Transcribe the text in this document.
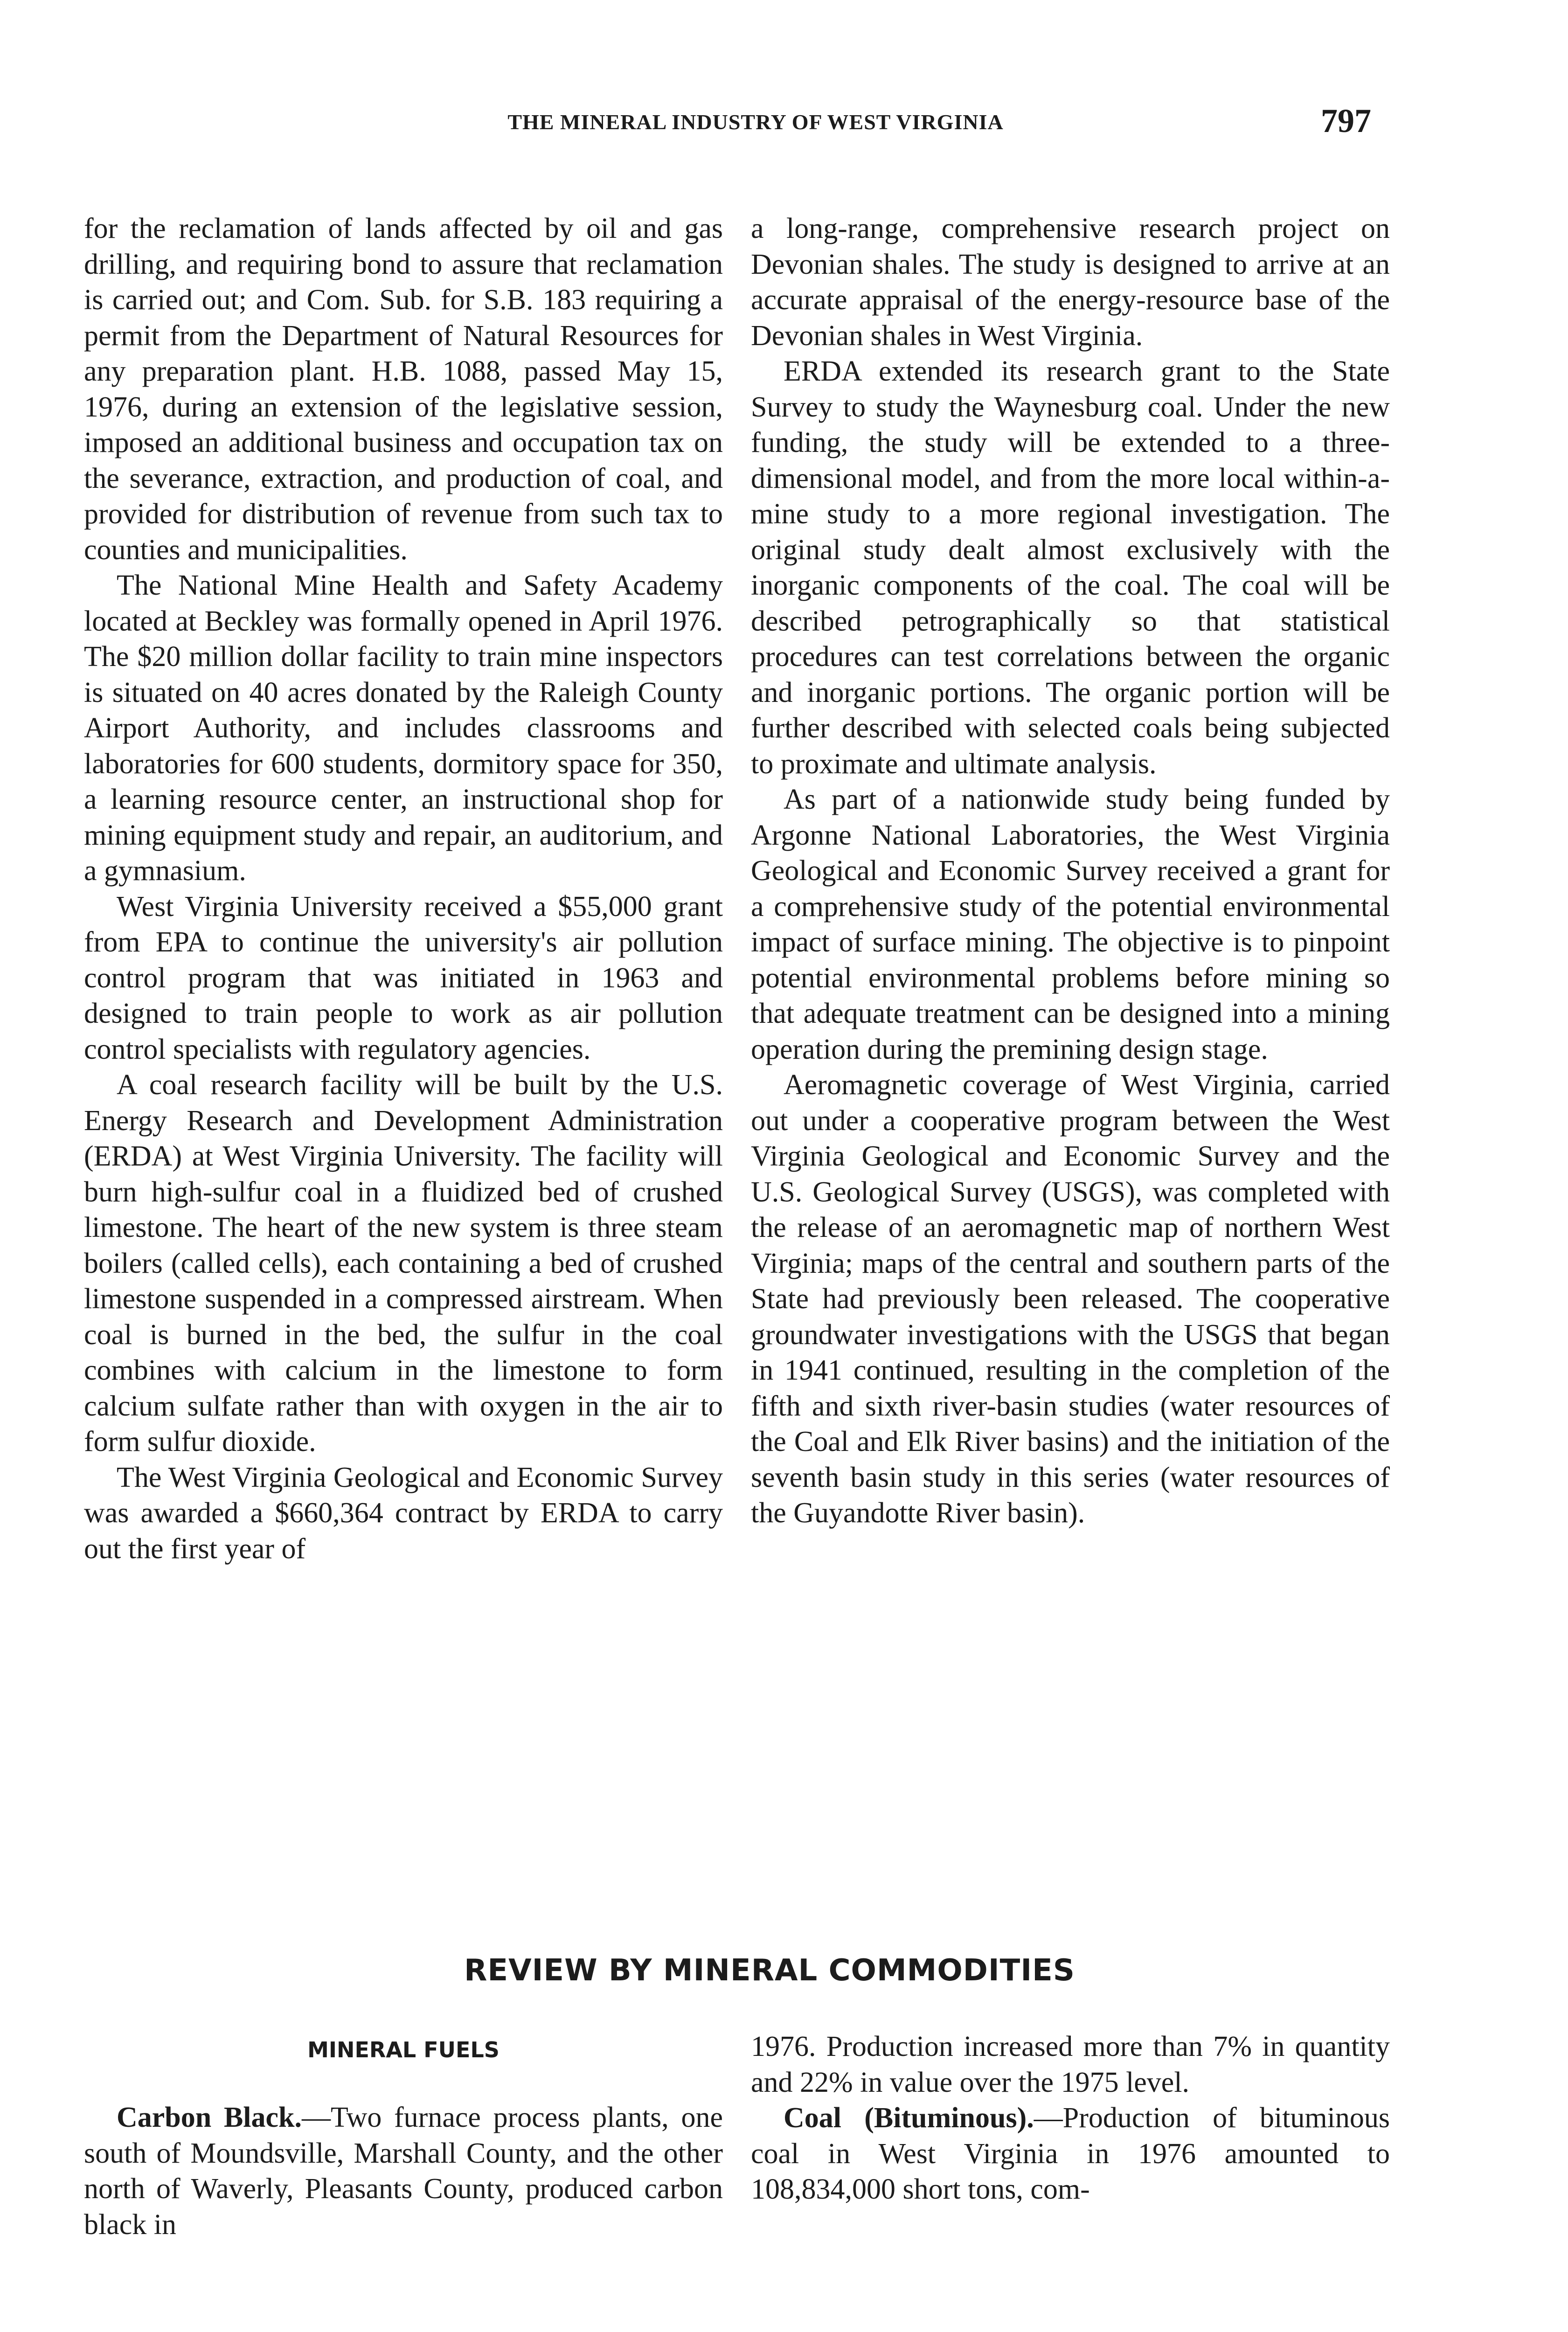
THE MINERAL INDUSTRY OF WEST VIRGINIA	797

for the reclamation of lands affected by oil and gas drilling, and requiring bond to assure that reclamation is carried out; and Com. Sub. for S.B. 183 requiring a permit from the Department of Natural Resources for any preparation plant. H.B. 1088, passed May 15, 1976, during an extension of the legislative session, imposed an additional business and occupation tax on the severance, extraction, and production of coal, and provided for distribution of revenue from such tax to counties and municipalities.

The National Mine Health and Safety Academy located at Beckley was formally opened in April 1976. The $20 million dollar facility to train mine inspectors is situated on 40 acres donated by the Raleigh County Airport Authority, and includes classrooms and laboratories for 600 students, dormitory space for 350, a learning resource center, an instructional shop for mining equipment study and repair, an auditorium, and a gymnasium.

West Virginia University received a $55,000 grant from EPA to continue the university's air pollution control program that was initiated in 1963 and designed to train people to work as air pollution control specialists with regulatory agencies.

A coal research facility will be built by the U.S. Energy Research and Development Administration (ERDA) at West Virginia University. The facility will burn high-sulfur coal in a fluidized bed of crushed limestone. The heart of the new system is three steam boilers (called cells), each containing a bed of crushed limestone suspended in a compressed airstream. When coal is burned in the bed, the sulfur in the coal combines with calcium in the limestone to form calcium sulfate rather than with oxygen in the air to form sulfur dioxide.

The West Virginia Geological and Economic Survey was awarded a $660,364 contract by ERDA to carry out the first year of

a long-range, comprehensive research project on Devonian shales. The study is designed to arrive at an accurate appraisal of the energy-resource base of the Devonian shales in West Virginia.

ERDA extended its research grant to the State Survey to study the Waynesburg coal. Under the new funding, the study will be extended to a three-dimensional model, and from the more local within-a-mine study to a more regional investigation. The original study dealt almost exclusively with the inorganic components of the coal. The coal will be described petrographically so that statistical procedures can test correlations between the organic and inorganic portions. The organic portion will be further described with selected coals being subjected to proximate and ultimate analysis.

As part of a nationwide study being funded by Argonne National Laboratories, the West Virginia Geological and Economic Survey received a grant for a comprehensive study of the potential environmental impact of surface mining. The objective is to pinpoint potential environmental problems before mining so that adequate treatment can be designed into a mining operation during the premining design stage.

Aeromagnetic coverage of West Virginia, carried out under a cooperative program between the West Virginia Geological and Economic Survey and the U.S. Geological Survey (USGS), was completed with the release of an aeromagnetic map of northern West Virginia; maps of the central and southern parts of the State had previously been released. The cooperative groundwater investigations with the USGS that began in 1941 continued, resulting in the completion of the fifth and sixth river-basin studies (water resources of the Coal and Elk River basins) and the initiation of the seventh basin study in this series (water resources of the Guyandotte River basin).

REVIEW BY MINERAL COMMODITIES
MINERAL FUELS

Carbon Black.—Two furnace process plants, one south of Moundsville, Marshall County, and the other north of Waverly, Pleasants County, produced carbon black in

1976. Production increased more than 7% in quantity and 22% in value over the 1975 level.

Coal (Bituminous).—Production of bituminous coal in West Virginia in 1976 amounted to 108,834,000 short tons, com-
